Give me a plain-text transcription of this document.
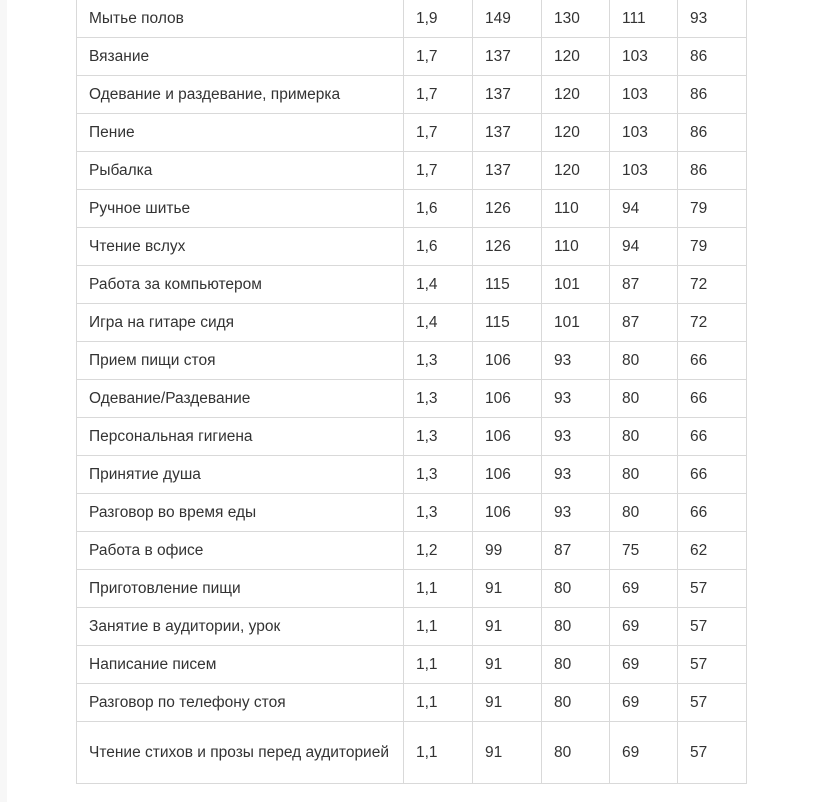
Мытье полов	1,9	149	130	111	93
Вязание	1,7	137	120	103	86
Одевание и раздевание, примерка	1,7	137	120	103	86
Пение	1,7	137	120	103	86
Рыбалка	1,7	137	120	103	86
Ручное шитье	1,6	126	110	94	79
Чтение вслух	1,6	126	110	94	79
Работа за компьютером	1,4	115	101	87	72
Игра на гитаре сидя	1,4	115	101	87	72
Прием пищи стоя	1,3	106	93	80	66
Одевание/Раздевание	1,3	106	93	80	66
Персональная гигиена	1,3	106	93	80	66
Принятие душа	1,3	106	93	80	66
Разговор во время еды	1,3	106	93	80	66
Работа в офисе	1,2	99	87	75	62
Приготовление пищи	1,1	91	80	69	57
Занятие в аудитории, урок	1,1	91	80	69	57
Написание писем	1,1	91	80	69	57
Разговор по телефону стоя	1,1	91	80	69	57
Чтение стихов и прозы перед аудиторией	1,1	91	80	69	57
